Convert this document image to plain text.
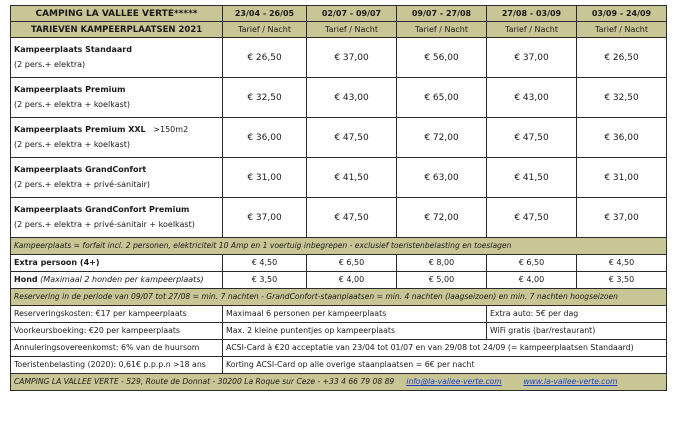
CAMPING LA VALLEE VERTE*****	23/04 - 26/05	02/07 - 09/07	09/07 - 27/08	27/08 - 03/09	03/09 - 24/09
TARIEVEN KAMPEERPLAATSEN 2021	Tarief / Nacht	Tarief / Nacht	Tarief / Nacht	Tarief / Nacht	Tarief / Nacht
Kampeerplaats Standaard
(2 pers.+ elektra)	€ 26,50	€ 37,00	€ 56,00	€ 37,00	€ 26,50
Kampeerplaats Premium
(2 pers.+ elektra + koelkast)	€ 32,50	€ 43,00	€ 65,00	€ 43,00	€ 32,50
Kampeerplaats Premium XXL >150m2
(2 pers.+ elektra + koelkast)	€ 36,00	€ 47,50	€ 72,00	€ 47,50	€ 36,00
Kampeerplaats GrandConfort
(2 pers.+ elektra + privé-sanitair)	€ 31,00	€ 41,50	€ 63,00	€ 41,50	€ 31,00
Kampeerplaats GrandConfort Premium
(2 pers.+ elektra + privé-sanitair + koelkast)	€ 37,00	€ 47,50	€ 72,00	€ 47,50	€ 37,00
Kampeerplaats = forfait incl. 2 personen, elektriciteit 10 Amp en 1 voertuig inbegrepen - exclusief toeristenbelasting en toeslagen					
Extra persoon (4+)	€ 4,50	€ 6,50	€ 8,00	€ 6,50	€ 4,50
Hond (Maximaal 2 honden per kampeerplaats)	€ 3,50	€ 4,00	€ 5,00	€ 4,00	€ 3,50
Reservering in de periode van 09/07 tot 27/08 = min. 7 nachten - GrandConfort-staanplaatsen = min. 4 nachten (laagseizoen) en min. 7 nachten hoogseizoen					
Reserveringskosten: €17 per kampeerplaats	Maximaal 6 personen per kampeerplaats			Extra auto: 5€ per dag	
Voorkeursboeking: €20 per kampeerplaats	Max. 2 kleine puntentjes op kampeerplaats			WiFi gratis (bar/restaurant)	
Annuleringsovereenkomst: 6% van de huursom	ACSI-Card à €20 acceptatie van 23/04 tot 01/07 en van 29/08 tot 24/09 (= kampeerplaatsen Standaard)				
Toeristenbelasting (2020): 0,61€ p.p.p.n >18 ans	Korting ACSI-Card op alle overige staanplaatsen = 6€ per nacht				
CAMPING LA VALLEE VERTE - 529, Route de Donnat - 30200 La Roque sur Ceze - +33 4 66 79 08 89 info@la-vallee-verte.com www.la-vallee-verte.com					
